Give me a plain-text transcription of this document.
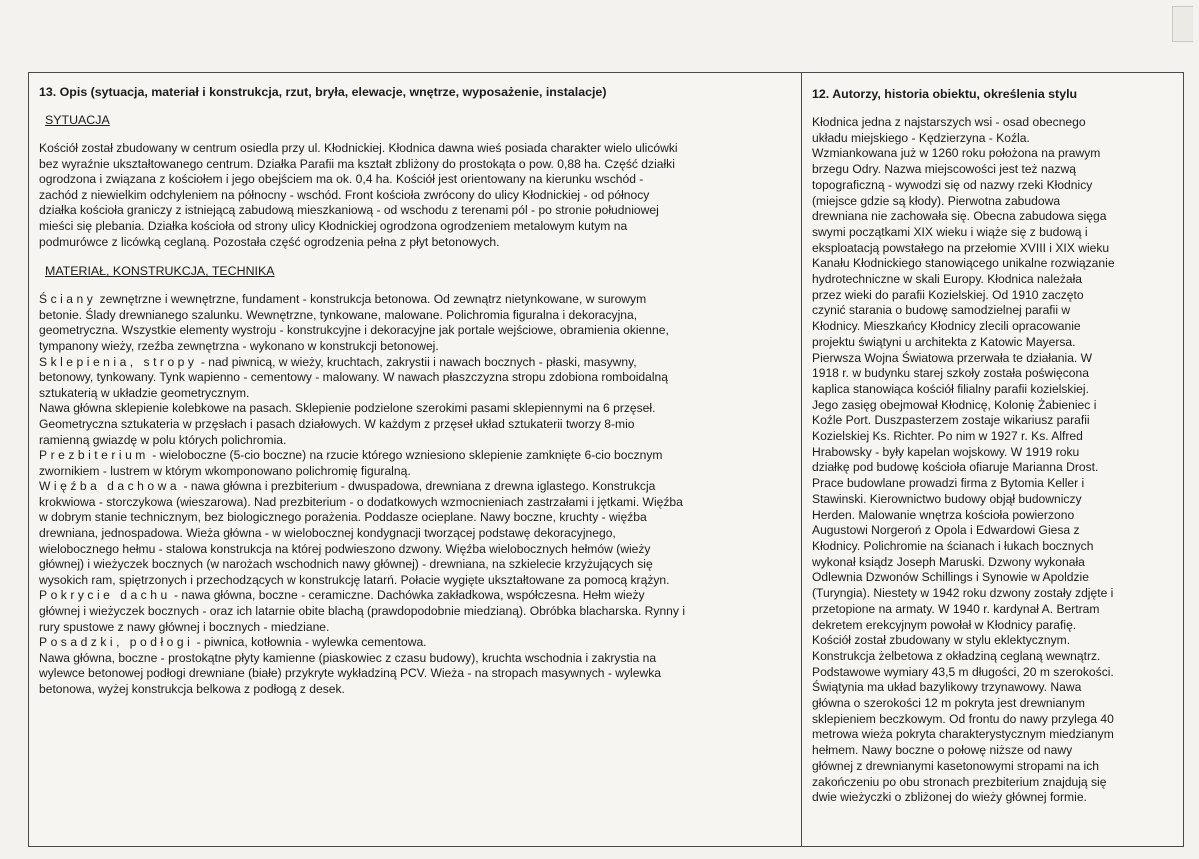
13. Opis (sytuacja, materiał i konstrukcja, rzut, bryła, elewacje, wnętrze, wyposażenie, instalacje)
SYTUACJA
Kościół został zbudowany w centrum osiedla przy ul. Kłodnickiej. Kłodnica dawna wieś posiada charakter wielo ulicówki
bez wyraźnie ukształtowanego centrum. Działka Parafii ma kształt zbliżony do prostokąta o pow. 0,88 ha. Część działki
ogrodzona i związana z kościołem i jego obejściem ma ok. 0,4 ha. Kościół jest orientowany na kierunku wschód -
zachód z niewielkim odchyleniem na północny - wschód. Front kościoła zwrócony do ulicy Kłodnickiej - od północy
działka kościoła graniczy z istniejącą zabudową mieszkaniową - od wschodu z terenami pól - po stronie południowej
mieści się plebania. Działka kościoła od strony ulicy Kłodnickiej ogrodzona ogrodzeniem metalowym kutym na
podmurówce z licówką ceglaną. Pozostała część ogrodzenia pełna z płyt betonowych.
MATERIAŁ, KONSTRUKCJA, TECHNIKA
Ściany zewnętrzne i wewnętrzne, fundament - konstrukcja betonowa. Od zewnątrz nietynkowane, w surowym
betonie. Ślady drewnianego szalunku. Wewnętrzne, tynkowane, malowane. Polichromia figuralna i dekoracyjna,
geometryczna. Wszystkie elementy wystroju - konstrukcyjne i dekoracyjne jak portale wejściowe, obramienia okienne,
tympanony wieży, rzeźba zewnętrzna - wykonano w konstrukcji betonowej.
Sklepienia, stropy - nad piwnicą, w wieży, kruchtach, zakrystii i nawach bocznych - płaski, masywny,
betonowy, tynkowany. Tynk wapienno - cementowy - malowany. W nawach płaszczyzna stropu zdobiona romboidalną
sztukaterią w układzie geometrycznym.
Nawa główna sklepienie kolebkowe na pasach. Sklepienie podzielone szerokimi pasami sklepiennymi na 6 przęseł.
Geometryczna sztukateria w przęsłach i pasach działowych. W każdym z przęseł układ sztukaterii tworzy 8-mio
ramienną gwiazdę w polu których polichromia.
Prezbiterium - wieloboczne (5-cio boczne) na rzucie którego wzniesiono sklepienie zamknięte 6-cio bocznym
zwornikiem - lustrem w którym wkomponowano polichromię figuralną.
Więźba dachowa - nawa główna i prezbiterium - dwuspadowa, drewniana z drewna iglastego. Konstrukcja
krokwiowa - storczykowa (wieszarowa). Nad prezbiterium - o dodatkowych wzmocnieniach zastrzałami i jętkami. Więźba
w dobrym stanie technicznym, bez biologicznego porażenia. Poddasze ocieplane. Nawy boczne, kruchty - więźba
drewniana, jednospadowa. Wieża główna - w wielobocznej kondygnacji tworzącej podstawę dekoracyjnego,
wielobocznego hełmu - stalowa konstrukcja na której podwieszono dzwony. Więźba wielobocznych hełmów (wieży
głównej) i wieżyczek bocznych (w narożach wschodnich nawy głównej) - drewniana, na szkielecie krzyżujących się
wysokich ram, spiętrzonych i przechodzących w konstrukcję latarń. Połacie wygięte ukształtowane za pomocą krążyn.
Pokrycie dachu - nawa główna, boczne - ceramiczne. Dachówka zakładkowa, współczesna. Hełm wieży
głównej i wieżyczek bocznych - oraz ich latarnie obite blachą (prawdopodobnie miedzianą). Obróbka blacharska. Rynny i
rury spustowe z nawy głównej i bocznych - miedziane.
Posadzki, podłogi - piwnica, kotłownia - wylewka cementowa.
Nawa główna, boczne - prostokątne płyty kamienne (piaskowiec z czasu budowy), kruchta wschodnia i zakrystia na
wylewce betonowej podłogi drewniane (białe) przykryte wykładziną PCV. Wieża - na stropach masywnych - wylewka
betonowa, wyżej konstrukcja belkowa z podłogą z desek.
12. Autorzy, historia obiektu, określenia stylu
Kłodnica jedna z najstarszych wsi - osad obecnego
układu miejskiego - Kędzierzyna - Koźla.
Wzmiankowana już w 1260 roku położona na prawym
brzegu Odry. Nazwa miejscowości jest też nazwą
topograficzną - wywodzi się od nazwy rzeki Kłodnicy
(miejsce gdzie są kłody). Pierwotna zabudowa
drewniana nie zachowała się. Obecna zabudowa sięga
swymi początkami XIX wieku i wiąże się z budową i
eksploatacją powstałego na przełomie XVIII i XIX wieku
Kanału Kłodnickiego stanowiącego unikalne rozwiązanie
hydrotechniczne w skali Europy. Kłodnica należała
przez wieki do parafii Kozielskiej. Od 1910 zaczęto
czynić starania o budowę samodzielnej parafii w
Kłodnicy. Mieszkańcy Kłodnicy zlecili opracowanie
projektu świątyni u architekta z Katowic Mayersa.
Pierwsza Wojna Światowa przerwała te działania. W
1918 r. w budynku starej szkoły została poświęcona
kaplica stanowiąca kościół filialny parafii kozielskiej.
Jego zasięg obejmował Kłodnicę, Kolonię Żabieniec i
Koźle Port. Duszpasterzem zostaje wikariusz parafii
Kozielskiej Ks. Richter. Po nim w 1927 r. Ks. Alfred
Hrabowsky - były kapelan wojskowy. W 1919 roku
działkę pod budowę kościoła ofiaruje Marianna Drost.
Prace budowlane prowadzi firma z Bytomia Keller i
Stawinski. Kierownictwo budowy objął budowniczy
Herden. Malowanie wnętrza kościoła powierzono
Augustowi Norgeroń z Opola i Edwardowi Giesa z
Kłodnicy. Polichromie na ścianach i łukach bocznych
wykonał ksiądz Joseph Maruski. Dzwony wykonała
Odlewnia Dzwonów Schillings i Synowie w Apoldzie
(Turyngia). Niestety w 1942 roku dzwony zostały zdjęte i
przetopione na armaty. W 1940 r. kardynał A. Bertram
dekretem erekcyjnym powołał w Kłodnicy parafię.
Kościół został zbudowany w stylu eklektycznym.
Konstrukcja żelbetowa z okładziną ceglaną wewnątrz.
Podstawowe wymiary 43,5 m długości, 20 m szerokości.
Świątynia ma układ bazylikowy trzynawowy. Nawa
główna o szerokości 12 m pokryta jest drewnianym
sklepieniem beczkowym. Od frontu do nawy przylega 40
metrowa wieża pokryta charakterystycznym miedzianym
hełmem. Nawy boczne o połowę niższe od nawy
głównej z drewnianymi kasetonowymi stropami na ich
zakończeniu po obu stronach prezbiterium znajdują się
dwie wieżyczki o zbliżonej do wieży głównej formie.
